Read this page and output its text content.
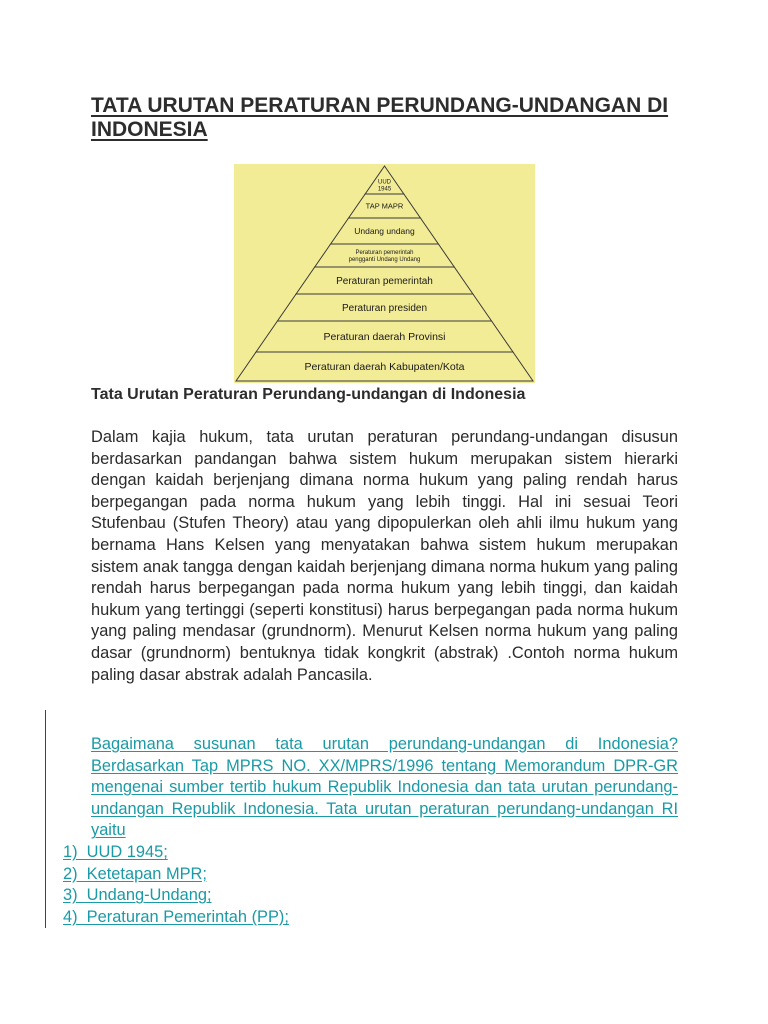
TATA URUTAN PERATURAN PERUNDANG-UNDANGAN DI INDONESIA
UUD
1945
TAP MAPR
Undang undang
Peraturan pemerintah
pengganti Undang Undang
Peraturan pemerintah
Peraturan presiden
Peraturan daerah Provinsi
Peraturan daerah Kabupaten/Kota

Tata Urutan Peraturan Perundang-undangan di Indonesia

Dalam kajia hukum, tata urutan peraturan perundang-undangan disusun berdasarkan pandangan bahwa sistem hukum merupakan sistem hierarki dengan kaidah berjenjang dimana norma hukum yang paling rendah harus berpegangan pada norma hukum yang lebih tinggi. Hal ini sesuai Teori Stufenbau (Stufen Theory) atau yang dipopulerkan oleh ahli ilmu hukum yang bernama Hans Kelsen yang menyatakan bahwa sistem hukum merupakan sistem anak tangga dengan kaidah berjenjang dimana norma hukum yang paling rendah harus berpegangan pada norma hukum yang lebih tinggi, dan kaidah hukum yang tertinggi (seperti konstitusi) harus berpegangan pada norma hukum yang paling mendasar (grundnorm). Menurut Kelsen norma hukum yang paling dasar (grundnorm) bentuknya tidak kongkrit (abstrak) .Contoh norma hukum paling dasar abstrak adalah Pancasila.

Bagaimana susunan tata urutan perundang-undangan di Indonesia? Berdasarkan Tap MPRS NO. XX/MPRS/1996 tentang Memorandum DPR-GR mengenai sumber tertib hukum Republik Indonesia dan tata urutan perundang-undangan Republik Indonesia. Tata urutan peraturan perundang-undangan RI yaitu

1)  UUD 1945;
2)  Ketetapan MPR;
3)  Undang-Undang;
4)  Peraturan Pemerintah (PP);
